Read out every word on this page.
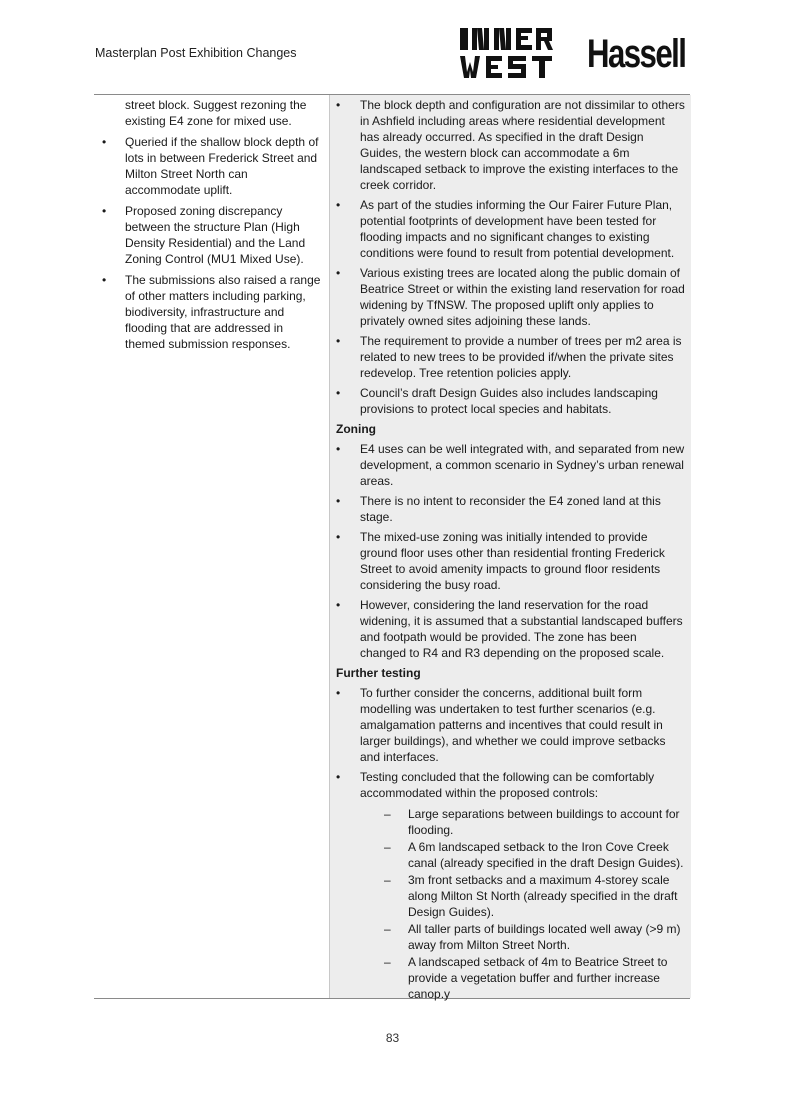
Masterplan Post Exhibition Changes	Hassell
street block. Suggest rezoning the existing E4 zone for mixed use.
• Queried if the shallow block depth of lots in between Frederick Street and Milton Street North can accommodate uplift.
• Proposed zoning discrepancy between the structure Plan (High Density Residential) and the Land Zoning Control (MU1 Mixed Use).
• The submissions also raised a range of other matters including parking, biodiversity, infrastructure and flooding that are addressed in themed submission responses.
• The block depth and configuration are not dissimilar to others in Ashfield including areas where residential development has already occurred. As specified in the draft Design Guides, the western block can accommodate a 6m landscaped setback to improve the existing interfaces to the creek corridor.
• As part of the studies informing the Our Fairer Future Plan, potential footprints of development have been tested for flooding impacts and no significant changes to existing conditions were found to result from potential development.
• Various existing trees are located along the public domain of Beatrice Street or within the existing land reservation for road widening by TfNSW. The proposed uplift only applies to privately owned sites adjoining these lands.
• The requirement to provide a number of trees per m2 area is related to new trees to be provided if/when the private sites redevelop. Tree retention policies apply.
• Council’s draft Design Guides also includes landscaping provisions to protect local species and habitats.
Zoning
• E4 uses can be well integrated with, and separated from new development, a common scenario in Sydney’s urban renewal areas.
• There is no intent to reconsider the E4 zoned land at this stage.
• The mixed-use zoning was initially intended to provide ground floor uses other than residential fronting Frederick Street to avoid amenity impacts to ground floor residents considering the busy road.
• However, considering the land reservation for the road widening, it is assumed that a substantial landscaped buffers and footpath would be provided. The zone has been changed to R4 and R3 depending on the proposed scale.
Further testing
• To further consider the concerns, additional built form modelling was undertaken to test further scenarios (e.g. amalgamation patterns and incentives that could result in larger buildings), and whether we could improve setbacks and interfaces.
• Testing concluded that the following can be comfortably accommodated within the proposed controls:
– Large separations between buildings to account for flooding.
– A 6m landscaped setback to the Iron Cove Creek canal (already specified in the draft Design Guides).
– 3m front setbacks and a maximum 4-storey scale along Milton St North (already specified in the draft Design Guides).
– All taller parts of buildings located well away (>9 m) away from Milton Street North.
– A landscaped setback of 4m to Beatrice Street to provide a vegetation buffer and further increase canop.y
83
